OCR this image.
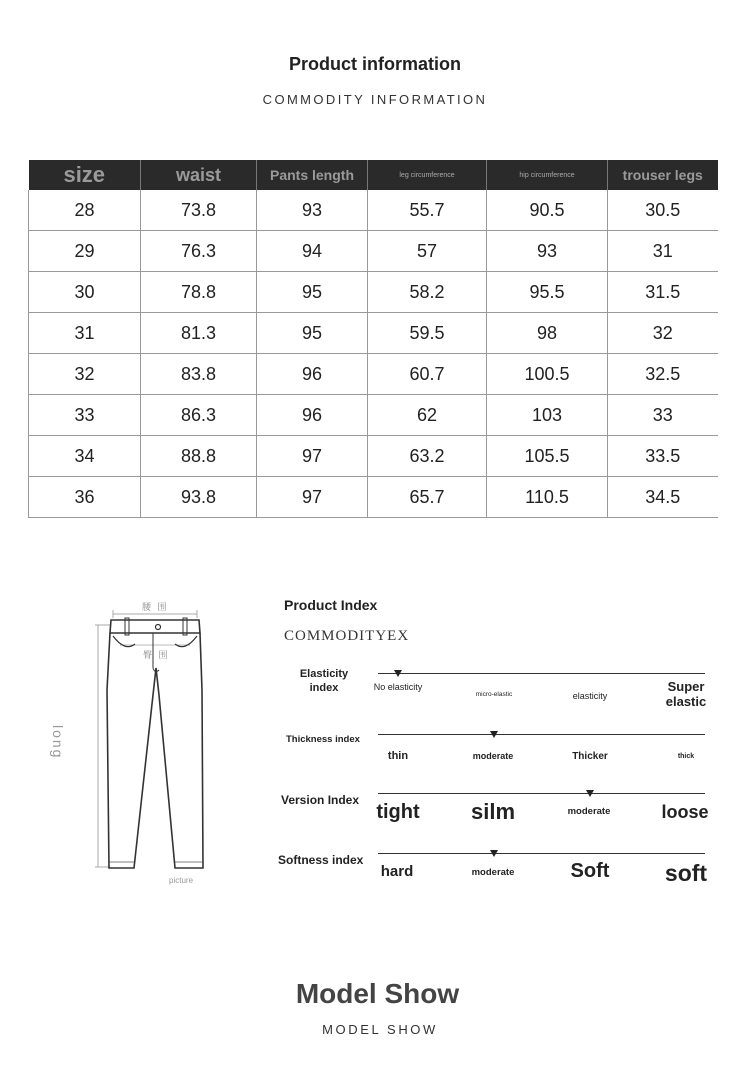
Product information
COMMODITY INFORMATION
size	waist	Pants length	leg circumference	hip circumference	trouser legs
28	73.8	93	55.7	90.5	30.5
29	76.3	94	57	93	31
30	78.8	95	58.2	95.5	31.5
31	81.3	95	59.5	98	32
32	83.8	96	60.7	100.5	32.5
33	86.3	96	62	103	33
34	88.8	97	63.2	105.5	33.5
36	93.8	97	65.7	110.5	34.5
腰 围
臀 围
long
picture
Product Index
COMMODITYEX
Elasticity index	No elasticity
micro-elastic	elasticity
Super elastic
Thickness index
thin	moderate	Thicker	thick
Version Index
tight	silm	moderate	loose
Softness index
hard	moderate	Soft	soft
Model Show
MODEL SHOW
